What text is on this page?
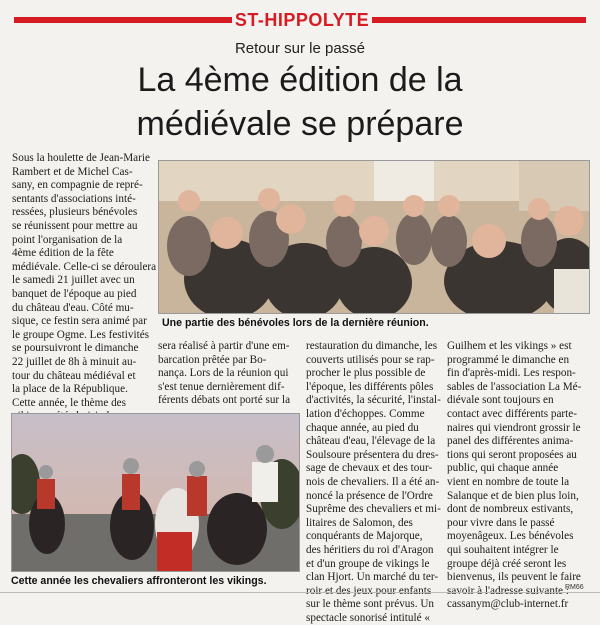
ST-HIPPOLYTE
Retour sur le passé
La 4ème édition de la
médiévale se prépare
Sous la houlette de Jean-Marie
Rambert et de Michel Cas-
sany, en compagnie de repré-
sentants d'associations inté-
ressées, plusieurs bénévoles
se réunissent pour mettre au
point l'organisation de la
4ème édition de la fête
médiévale. Celle-ci se déroulera
le samedi 21 juillet avec un
banquet de l'époque au pied
du château d'eau. Côté mu-
sique, ce festin sera animé par
le groupe Ogme. Les festivités
se poursuivront le dimanche
22 juillet de 8h à minuit au-
tour du château médiéval et
la place de la République.
Cette année, le thème des
Une partie des bénévoles lors de la dernière réunion.
Cette année les chevaliers affronteront les vikings.
sera réalisé à partir d'une em-
barcation prêtée par Bo-
nança. Lors de la réunion qui
s'est tenue dernièrement dif-
férents débats ont porté sur la
restauration du dimanche, les
couverts utilisés pour se rap-
procher le plus possible de
l'époque, les différents pôles
d'activités, la sécurité, l'instal-
lation d'échoppes. Comme
chaque année, au pied du
château d'eau, l'élevage de la
Soulsoure présentera du dres-
sage de chevaux et des tour-
nois de chevaliers. Il a été an-
noncé la présence de l'Ordre
Suprême des chevaliers et mi-
litaires de Salomon, des
conquérants de Majorque,
des héritiers du roi d'Aragon
et d'un groupe de vikings le
clan Hjort. Un marché du ter-
roir et des jeux pour enfants
sur le thème sont prévus. Un
spectacle sonorisé intitulé «
Guilhem et les vikings » est
programmé le dimanche en
fin d'après-midi. Les respon-
sables de l'association La Mé-
diévale sont toujours en
contact avec différents parte-
naires qui viendront grossir le
panel des différentes anima-
tions qui seront proposées au
public, qui chaque année
vient en nombre de toute la
Salanque et de bien plus loin,
dont de nombreux estivants,
pour vivre dans le passé
moyenâgeux. Les bénévoles
qui souhaitent intégrer le
groupe déjà créé seront les
bienvenus, ils peuvent le faire
savoir à l'adresse suivante :
cassanym@club-internet.fr
RM66
